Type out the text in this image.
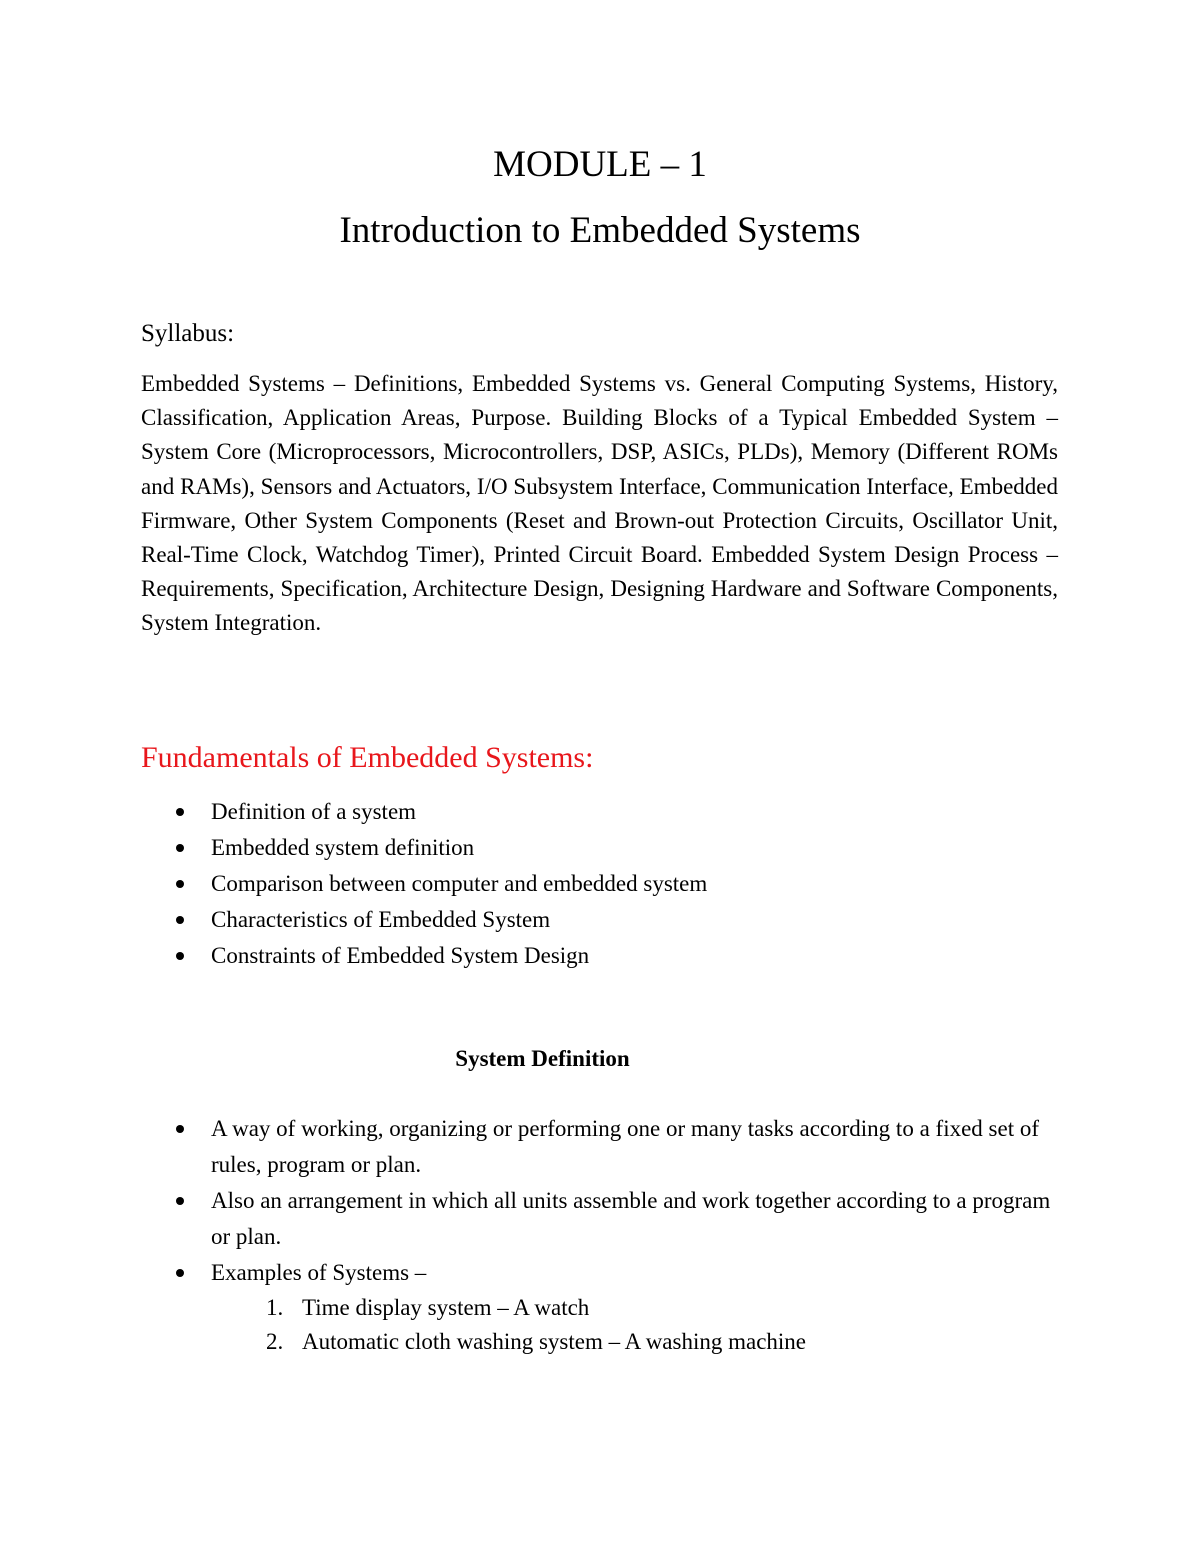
MODULE – 1
Introduction to Embedded Systems

Syllabus:

Embedded Systems – Definitions, Embedded Systems vs. General Computing Systems, History, Classification, Application Areas, Purpose. Building Blocks of a Typical Embedded System – System Core (Microprocessors, Microcontrollers, DSP, ASICs, PLDs), Memory (Different ROMs and RAMs), Sensors and Actuators, I/O Subsystem Interface, Communication Interface, Embedded Firmware, Other System Components (Reset and Brown-out Protection Circuits, Oscillator Unit, Real-Time Clock, Watchdog Timer), Printed Circuit Board. Embedded System Design Process – Requirements, Specification, Architecture Design, Designing Hardware and Software Components, System Integration.

Fundamentals of Embedded Systems:
Definition of a system
Embedded system definition
Comparison between computer and embedded system
Characteristics of Embedded System
Constraints of Embedded System Design
System Definition
A way of working, organizing or performing one or many tasks according to a fixed set of rules, program or plan.
Also an arrangement in which all units assemble and work together according to a program or plan.
Examples of Systems –
1. Time display system – A watch
2. Automatic cloth washing system – A washing machine
